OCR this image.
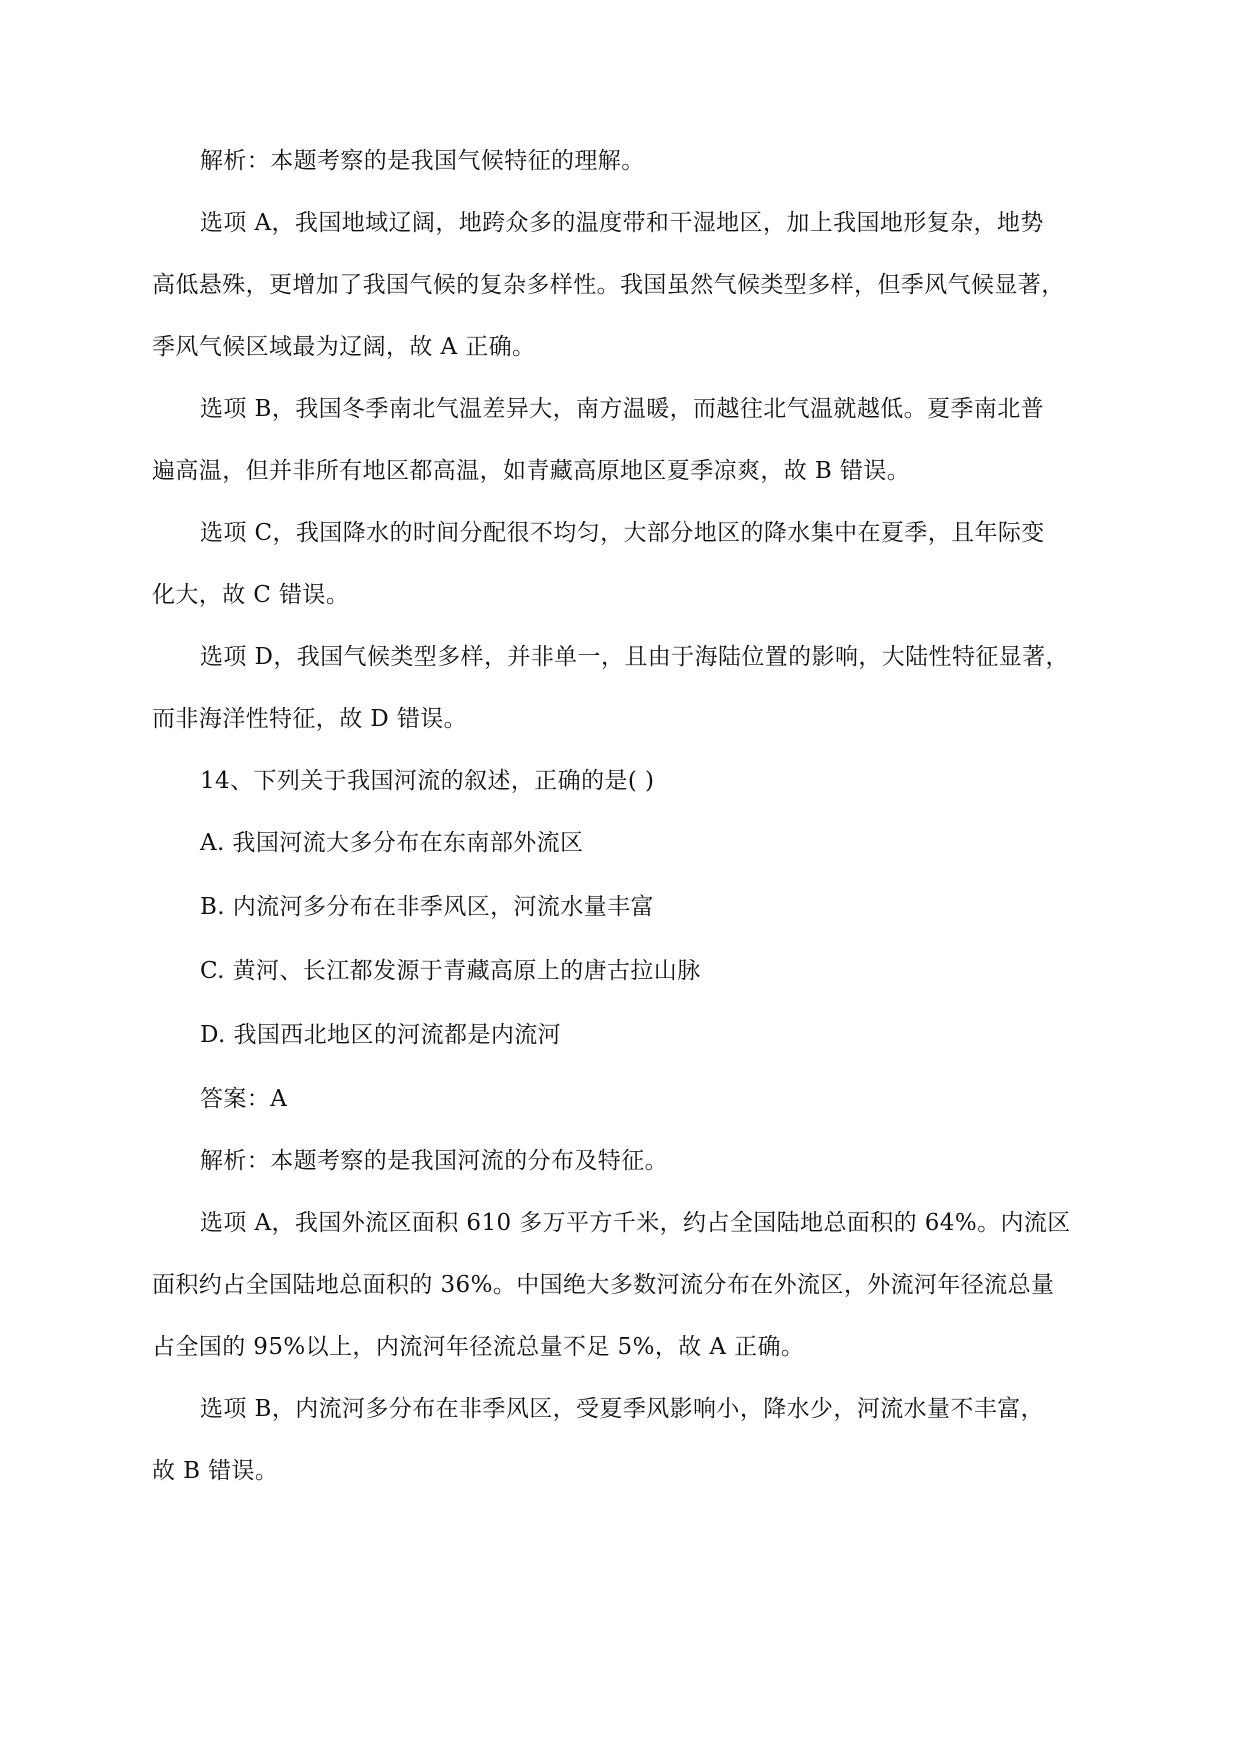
解析：本题考察的是我国气候特征的理解。
选项 A，我国地域辽阔，地跨众多的温度带和干湿地区，加上我国地形复杂，地势
高低悬殊，更增加了我国气候的复杂多样性。我国虽然气候类型多样，但季风气候显著，
季风气候区域最为辽阔，故 A 正确。
选项 B，我国冬季南北气温差异大，南方温暖，而越往北气温就越低。夏季南北普
遍高温，但并非所有地区都高温，如青藏高原地区夏季凉爽，故 B 错误。
选项 C，我国降水的时间分配很不均匀，大部分地区的降水集中在夏季，且年际变
化大，故 C 错误。
选项 D，我国气候类型多样，并非单一，且由于海陆位置的影响，大陆性特征显著，
而非海洋性特征，故 D 错误。
14、下列关于我国河流的叙述，正确的是( )
A. 我国河流大多分布在东南部外流区
B. 内流河多分布在非季风区，河流水量丰富
C. 黄河、长江都发源于青藏高原上的唐古拉山脉
D. 我国西北地区的河流都是内流河
答案：A
解析：本题考察的是我国河流的分布及特征。
选项 A，我国外流区面积 610 多万平方千米，约占全国陆地总面积的 64%。内流区
面积约占全国陆地总面积的 36%。中国绝大多数河流分布在外流区，外流河年径流总量
占全国的 95%以上，内流河年径流总量不足 5%，故 A 正确。
选项 B，内流河多分布在非季风区，受夏季风影响小，降水少，河流水量不丰富，
故 B 错误。
